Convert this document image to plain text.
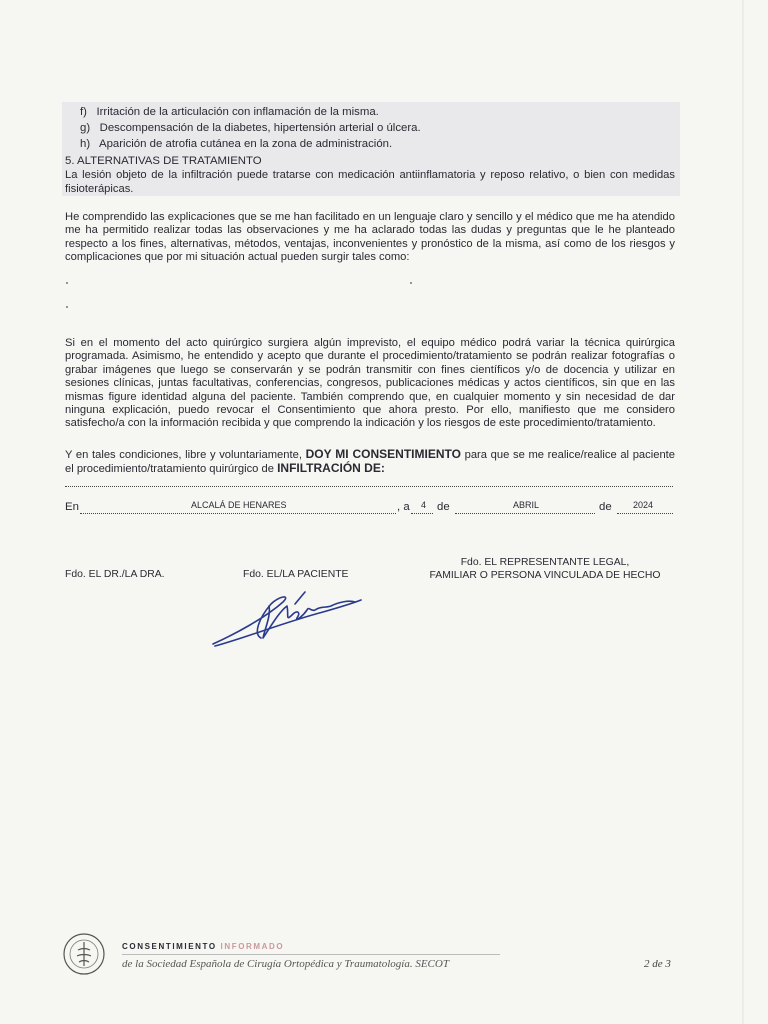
f)   Irritación de la articulación con inflamación de la misma.
g)   Descompensación de la diabetes, hipertensión arterial o úlcera.
h)   Aparición de atrofia cutánea en la zona de administración.
5. ALTERNATIVAS DE TRATAMIENTO
La lesión objeto de la infiltración puede tratarse con medicación antiinflamatoria y reposo relativo, o bien con medidas fisioterápicas.
He comprendido las explicaciones que se me han facilitado en un lenguaje claro y sencillo y el médico que me ha atendido me ha permitido realizar todas las observaciones y me ha aclarado todas las dudas y preguntas que le he planteado respecto a los fines, alternativas, métodos, ventajas, inconvenientes y pronóstico de la misma, así como de los riesgos y complicaciones que por mi situación actual pueden surgir tales como:
Si en el momento del acto quirúrgico surgiera algún imprevisto, el equipo médico podrá variar la técnica quirúrgica programada. Asimismo, he entendido y acepto que durante el procedimiento/tratamiento se podrán realizar fotografías o grabar imágenes que luego se conservarán y se podrán transmitir con fines científicos y/o de docencia y utilizar en sesiones clínicas, juntas facultativas, conferencias, congresos, publicaciones médicas y actos científicos, sin que en las mismas figure identidad alguna del paciente. También comprendo que, en cualquier momento y sin necesidad de dar ninguna explicación, puedo revocar el Consentimiento que ahora presto. Por ello, manifiesto que me considero satisfecho/a con la información recibida y que comprendo la indicación y los riesgos de este procedimiento/tratamiento.
Y en tales condiciones, libre y voluntariamente, DOY MI CONSENTIMIENTO para que se me realice/realice al paciente el procedimiento/tratamiento quirúrgico de INFILTRACIÓN DE:
En	ALCALÁ DE HENARES	, a 4 de	ABRIL	de 2024
Fdo. EL DR./LA DRA.	Fdo. EL/LA PACIENTE
Fdo. EL REPRESENTANTE LEGAL,
FAMILIAR O PERSONA VINCULADA DE HECHO
CONSENTIMIENTO INFORMADO
de la Sociedad Española de Cirugía Ortopédica y Traumatología. SECOT	2 de 3
